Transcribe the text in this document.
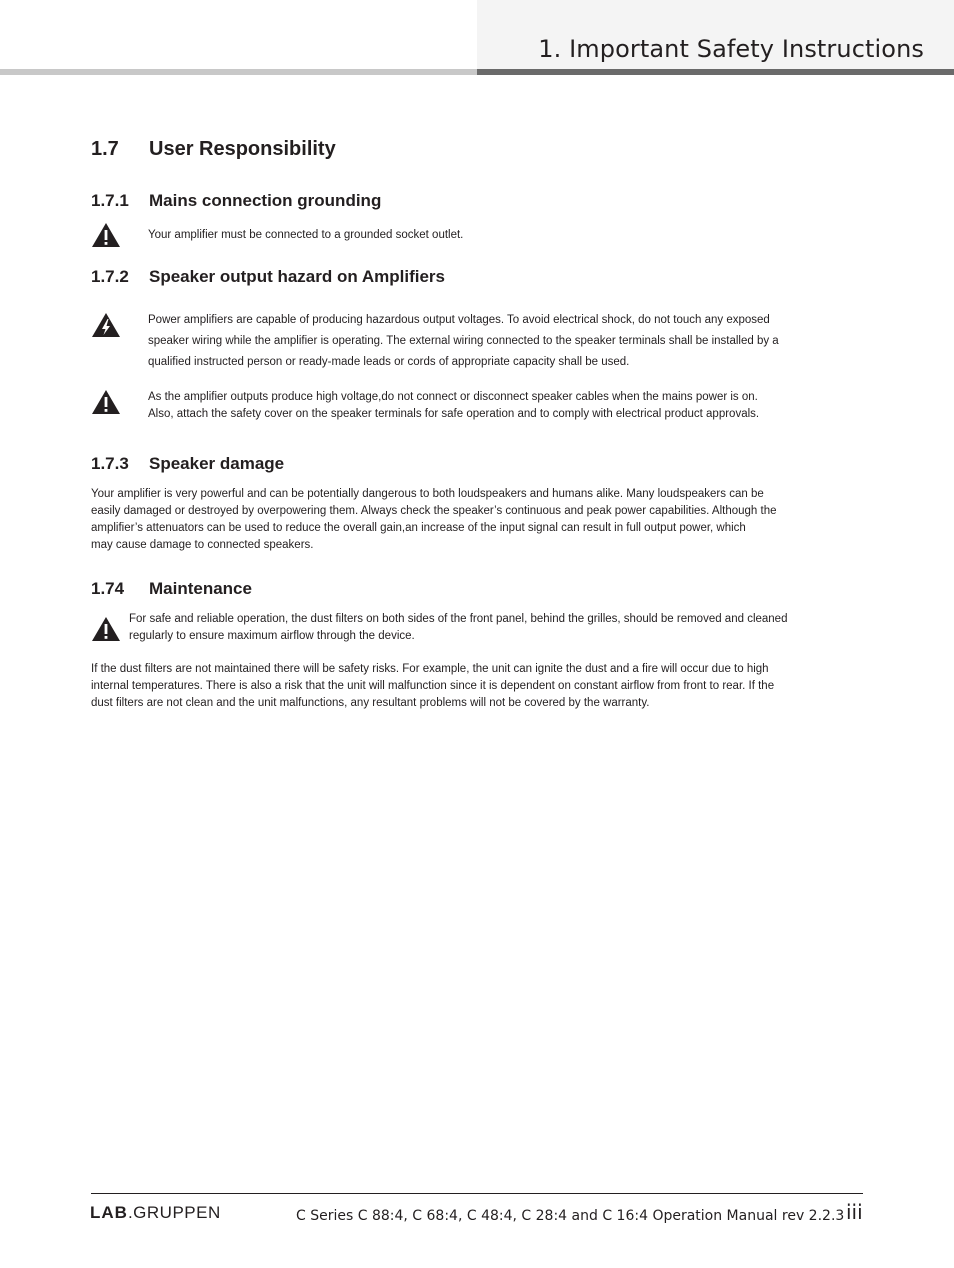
1. Important Safety Instructions
1.7 User Responsibility
1.7.1 Mains connection grounding
Your amplifier must be connected to a grounded socket outlet.
1.7.2 Speaker output hazard on Amplifiers
Power amplifiers are capable of producing hazardous output voltages. To avoid electrical shock, do not touch any exposed
speaker wiring while the amplifier is operating. The external wiring connected to the speaker terminals shall be installed by a
qualified instructed person or ready-made leads or cords of appropriate capacity shall be used.
As the amplifier outputs produce high voltage,do not connect or disconnect speaker cables when the mains power is on.
Also, attach the safety cover on the speaker terminals for safe operation and to comply with electrical product approvals.
1.7.3 Speaker damage
Your amplifier is very powerful and can be potentially dangerous to both loudspeakers and humans alike. Many loudspeakers can be
easily damaged or destroyed by overpowering them. Always check the speaker’s continuous and peak power capabilities. Although the
amplifier’s attenuators can be used to reduce the overall gain,an increase of the input signal can result in full output power, which
may cause damage to connected speakers.
1.74 Maintenance
For safe and reliable operation, the dust filters on both sides of the front panel, behind the grilles, should be removed and cleaned
regularly to ensure maximum airflow through the device.
If the dust filters are not maintained there will be safety risks. For example, the unit can ignite the dust and a fire will occur due to high
internal temperatures. There is also a risk that the unit will malfunction since it is dependent on constant airflow from front to rear. If the
dust filters are not clean and the unit malfunctions, any resultant problems will not be covered by the warranty.
LAB.GRUPPEN	C Series C 88:4, C 68:4, C 48:4, C 28:4 and C 16:4 Operation Manual rev 2.2.3 iii
